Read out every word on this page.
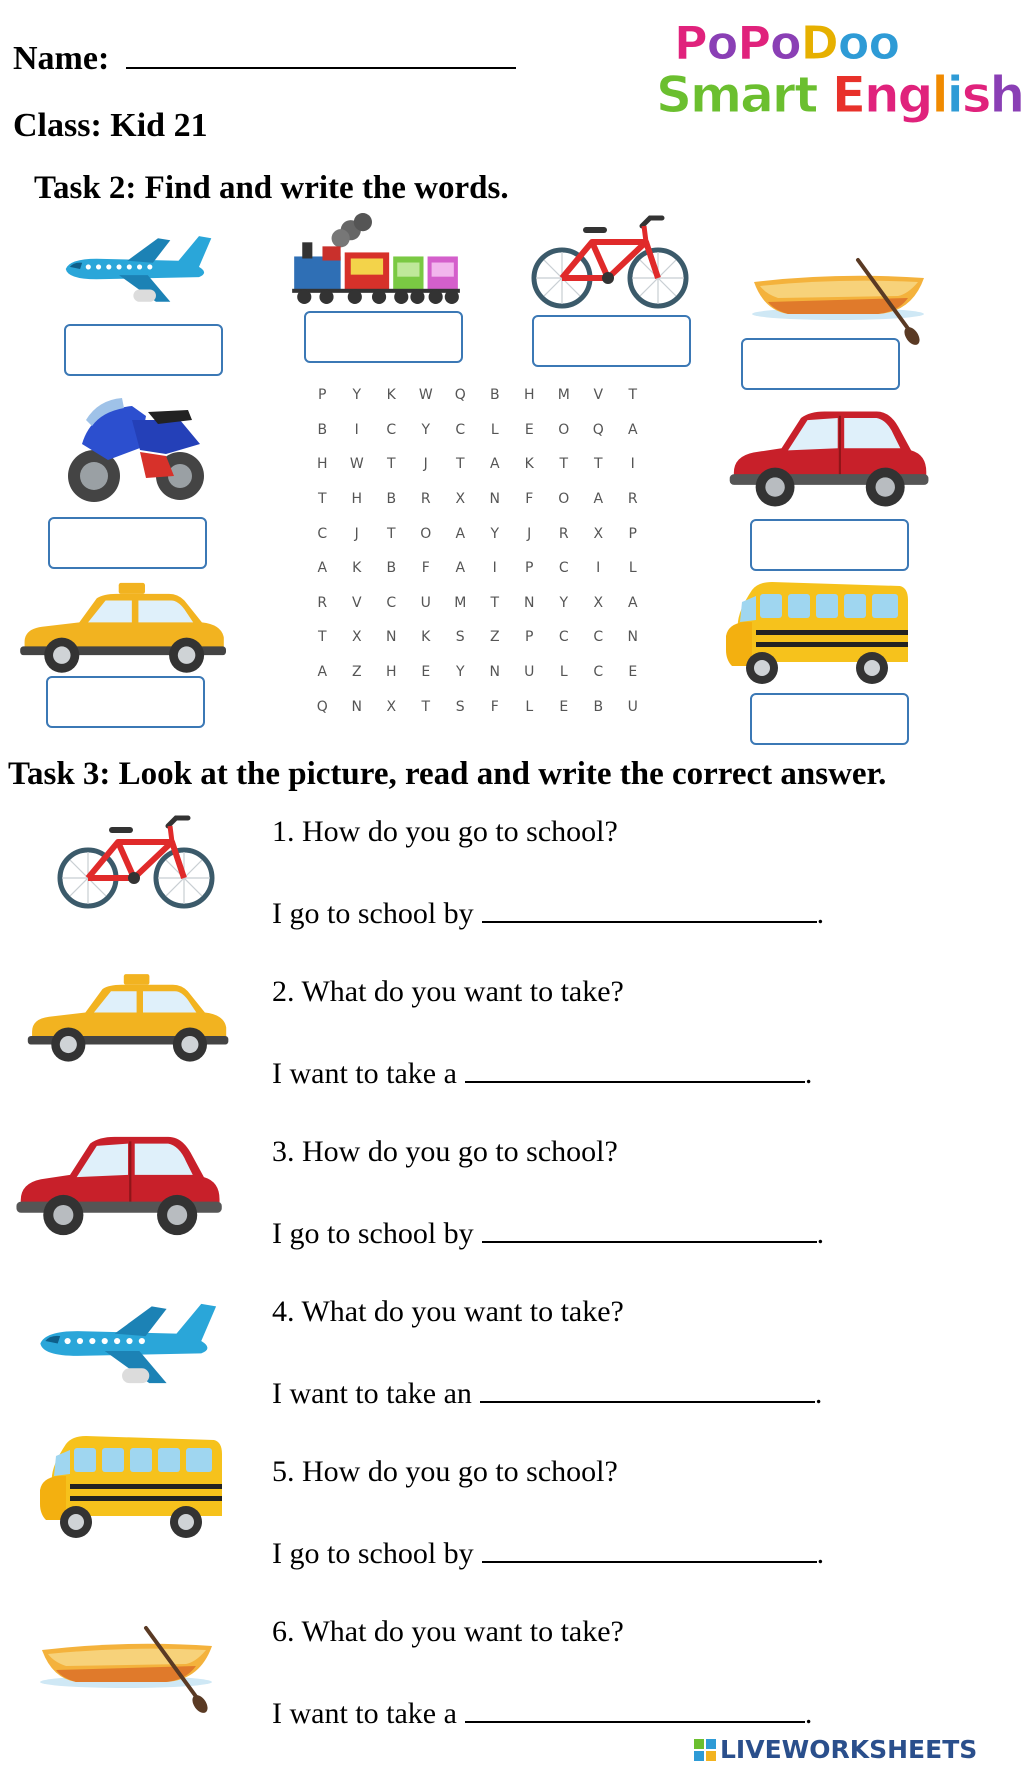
Name:
Class: Kid 21
PoPoDoo
Smart English
Task 2: Find and write the words.
P	Y	K	W	Q	B	H	M	V	T
B	I	C	Y	C	L	E	O	Q	A
H	W	T	J	T	A	K	T	T	I
T	H	B	R	X	N	F	O	A	R
C	J	T	O	A	Y	J	R	X	P
A	K	B	F	A	I	P	C	I	L
R	V	C	U	M	T	N	Y	X	A
T	X	N	K	S	Z	P	C	C	N
A	Z	H	E	Y	N	U	L	C	E
Q	N	X	T	S	F	L	E	B	U
Task 3: Look at the picture, read and write the correct answer.
1. How do you go to school?
I go to school by	.
2. What do you want to take?
I want to take a	.
3. How do you go to school?
I go to school by	.
4. What do you want to take?
I want to take an	.
5. How do you go to school?
I go to school by	.
6. What do you want to take?
I want to take a	.
LIVEWORKSHEETS
